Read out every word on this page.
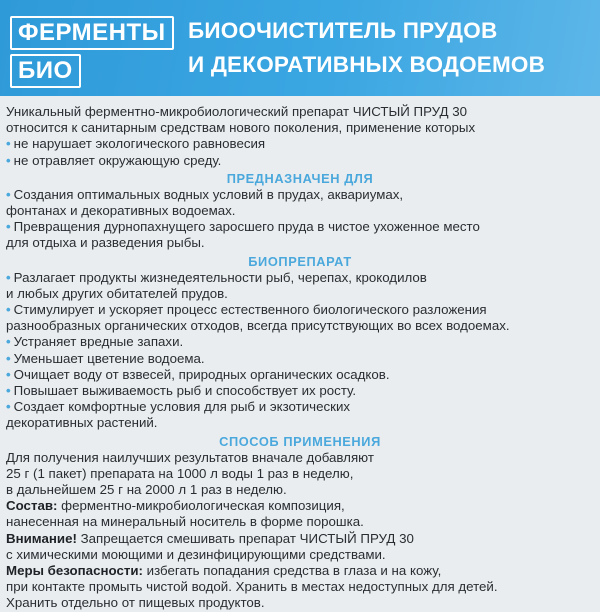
ФЕРМЕНТЫ
БИО
БИООЧИСТИТЕЛЬ ПРУДОВ
И ДЕКОРАТИВНЫХ ВОДОЕМОВ
Уникальный ферментно-микробиологический препарат ЧИСТЫЙ ПРУД 30
относится к санитарным средствам нового поколения, применение которых
• не нарушает экологического равновесия
• не отравляет окружающую среду.
ПРЕДНАЗНАЧЕН ДЛЯ
• Создания оптимальных водных условий в прудах, аквариумах,
фонтанах и декоративных водоемах.
• Превращения дурнопахнущего заросшего пруда в чистое ухоженное место
для отдыха и разведения рыбы.
БИОПРЕПАРАТ
• Разлагает продукты жизнедеятельности рыб, черепах, крокодилов
и любых других обитателей прудов.
• Стимулирует и ускоряет процесс естественного биологического разложения
разнообразных органических отходов, всегда присутствующих во всех водоемах.
• Устраняет вредные запахи.
• Уменьшает цветение водоема.
• Очищает воду от взвесей, природных органических осадков.
• Повышает выживаемость рыб и способствует их росту.
• Создает комфортные условия для рыб и экзотических
декоративных растений.
СПОСОБ ПРИМЕНЕНИЯ
Для получения наилучших результатов вначале добавляют
25 г (1 пакет) препарата на 1000 л воды 1 раз в неделю,
в дальнейшем 25 г на 2000 л 1 раз в неделю.
Состав: ферментно-микробиологическая композиция,
нанесенная на минеральный носитель в форме порошка.
Внимание! Запрещается смешивать препарат ЧИСТЫЙ ПРУД 30
с химическими моющими и дезинфицирующими средствами.
Меры безопасности: избегать попадания средства в глаза и на кожу,
при контакте промыть чистой водой. Хранить в местах недоступных для детей.
Хранить отдельно от пищевых продуктов.
